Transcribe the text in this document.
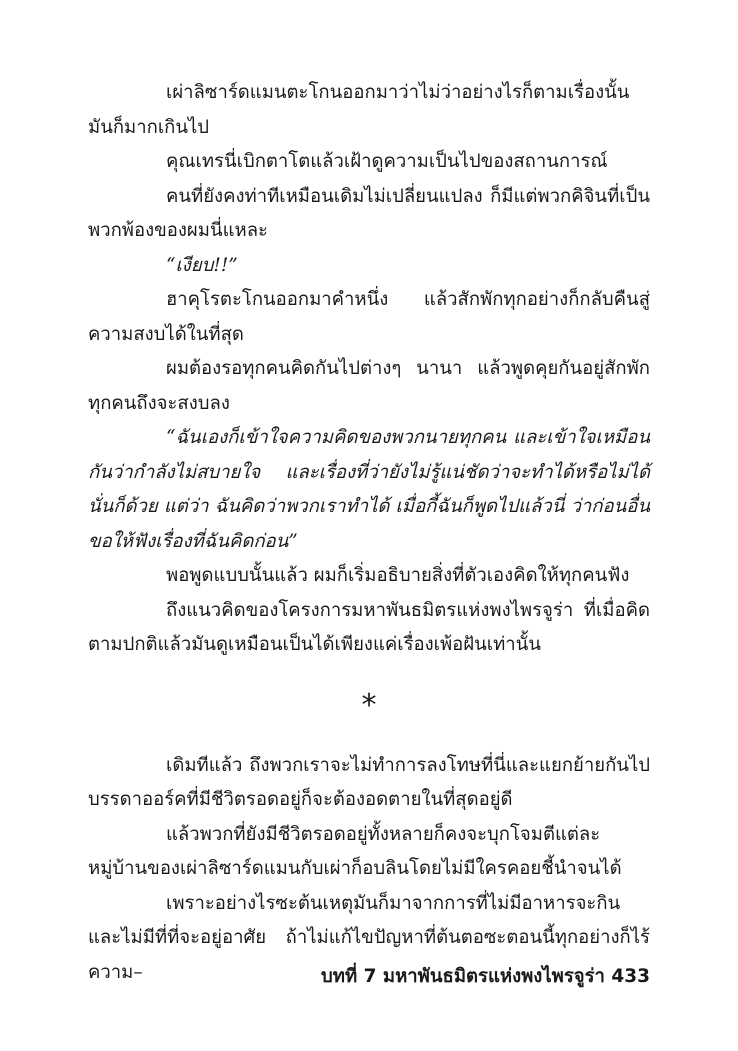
เผ่าลิซาร์ดแมนตะโกนออกมาว่าไม่ว่าอย่างไรก็ตามเรื่องนั้นมันก็มากเกินไป

คุณเทรนี่เบิกตาโตแล้วเฝ้าดูความเป็นไปของสถานการณ์

คนที่ยังคงท่าทีเหมือนเดิมไม่เปลี่ยนแปลง ก็มีแต่พวกคิจินที่เป็นพวกพ้องของผมนี่แหละ

“เงียบ!!”

ฮาคุโรตะโกนออกมาคำหนึ่ง แล้วสักพักทุกอย่างก็กลับคืนสู่ความสงบได้ในที่สุด

ผมต้องรอทุกคนคิดกันไปต่างๆ นานา แล้วพูดคุยกันอยู่สักพักทุกคนถึงจะสงบลง

“ฉันเองก็เข้าใจความคิดของพวกนายทุกคน และเข้าใจเหมือนกันว่ากำลังไม่สบายใจ และเรื่องที่ว่ายังไม่รู้แน่ชัดว่าจะทำได้หรือไม่ได้นั่นก็ด้วย แต่ว่า ฉันคิดว่าพวกเราทำได้ เมื่อกี้ฉันก็พูดไปแล้วนี่ ว่าก่อนอื่นขอให้ฟังเรื่องที่ฉันคิดก่อน”

พอพูดแบบนั้นแล้ว ผมก็เริ่มอธิบายสิ่งที่ตัวเองคิดให้ทุกคนฟัง

ถึงแนวคิดของโครงการมหาพันธมิตรแห่งพงไพรจูร่า ที่เมื่อคิดตามปกติแล้วมันดูเหมือนเป็นได้เพียงแค่เรื่องเพ้อฝันเท่านั้น

*

เดิมทีแล้ว ถึงพวกเราจะไม่ทำการลงโทษที่นี่และแยกย้ายกันไป บรรดาออร์คที่มีชีวิตรอดอยู่ก็จะต้องอดตายในที่สุดอยู่ดี

แล้วพวกที่ยังมีชีวิตรอดอยู่ทั้งหลายก็คงจะบุกโจมตีแต่ละหมู่บ้านของเผ่าลิซาร์ดแมนกับเผ่าก็อบลินโดยไม่มีใครคอยชี้นำจนได้

เพราะอย่างไรซะต้นเหตุมันก็มาจากการที่ไม่มีอาหารจะกินและไม่มีที่ที่จะอยู่อาศัย ถ้าไม่แก้ไขปัญหาที่ต้นตอซะตอนนี้ทุกอย่างก็ไร้ความ–	บทที่ 7 มหาพันธมิตรแห่งพงไพรจูร่า 433
